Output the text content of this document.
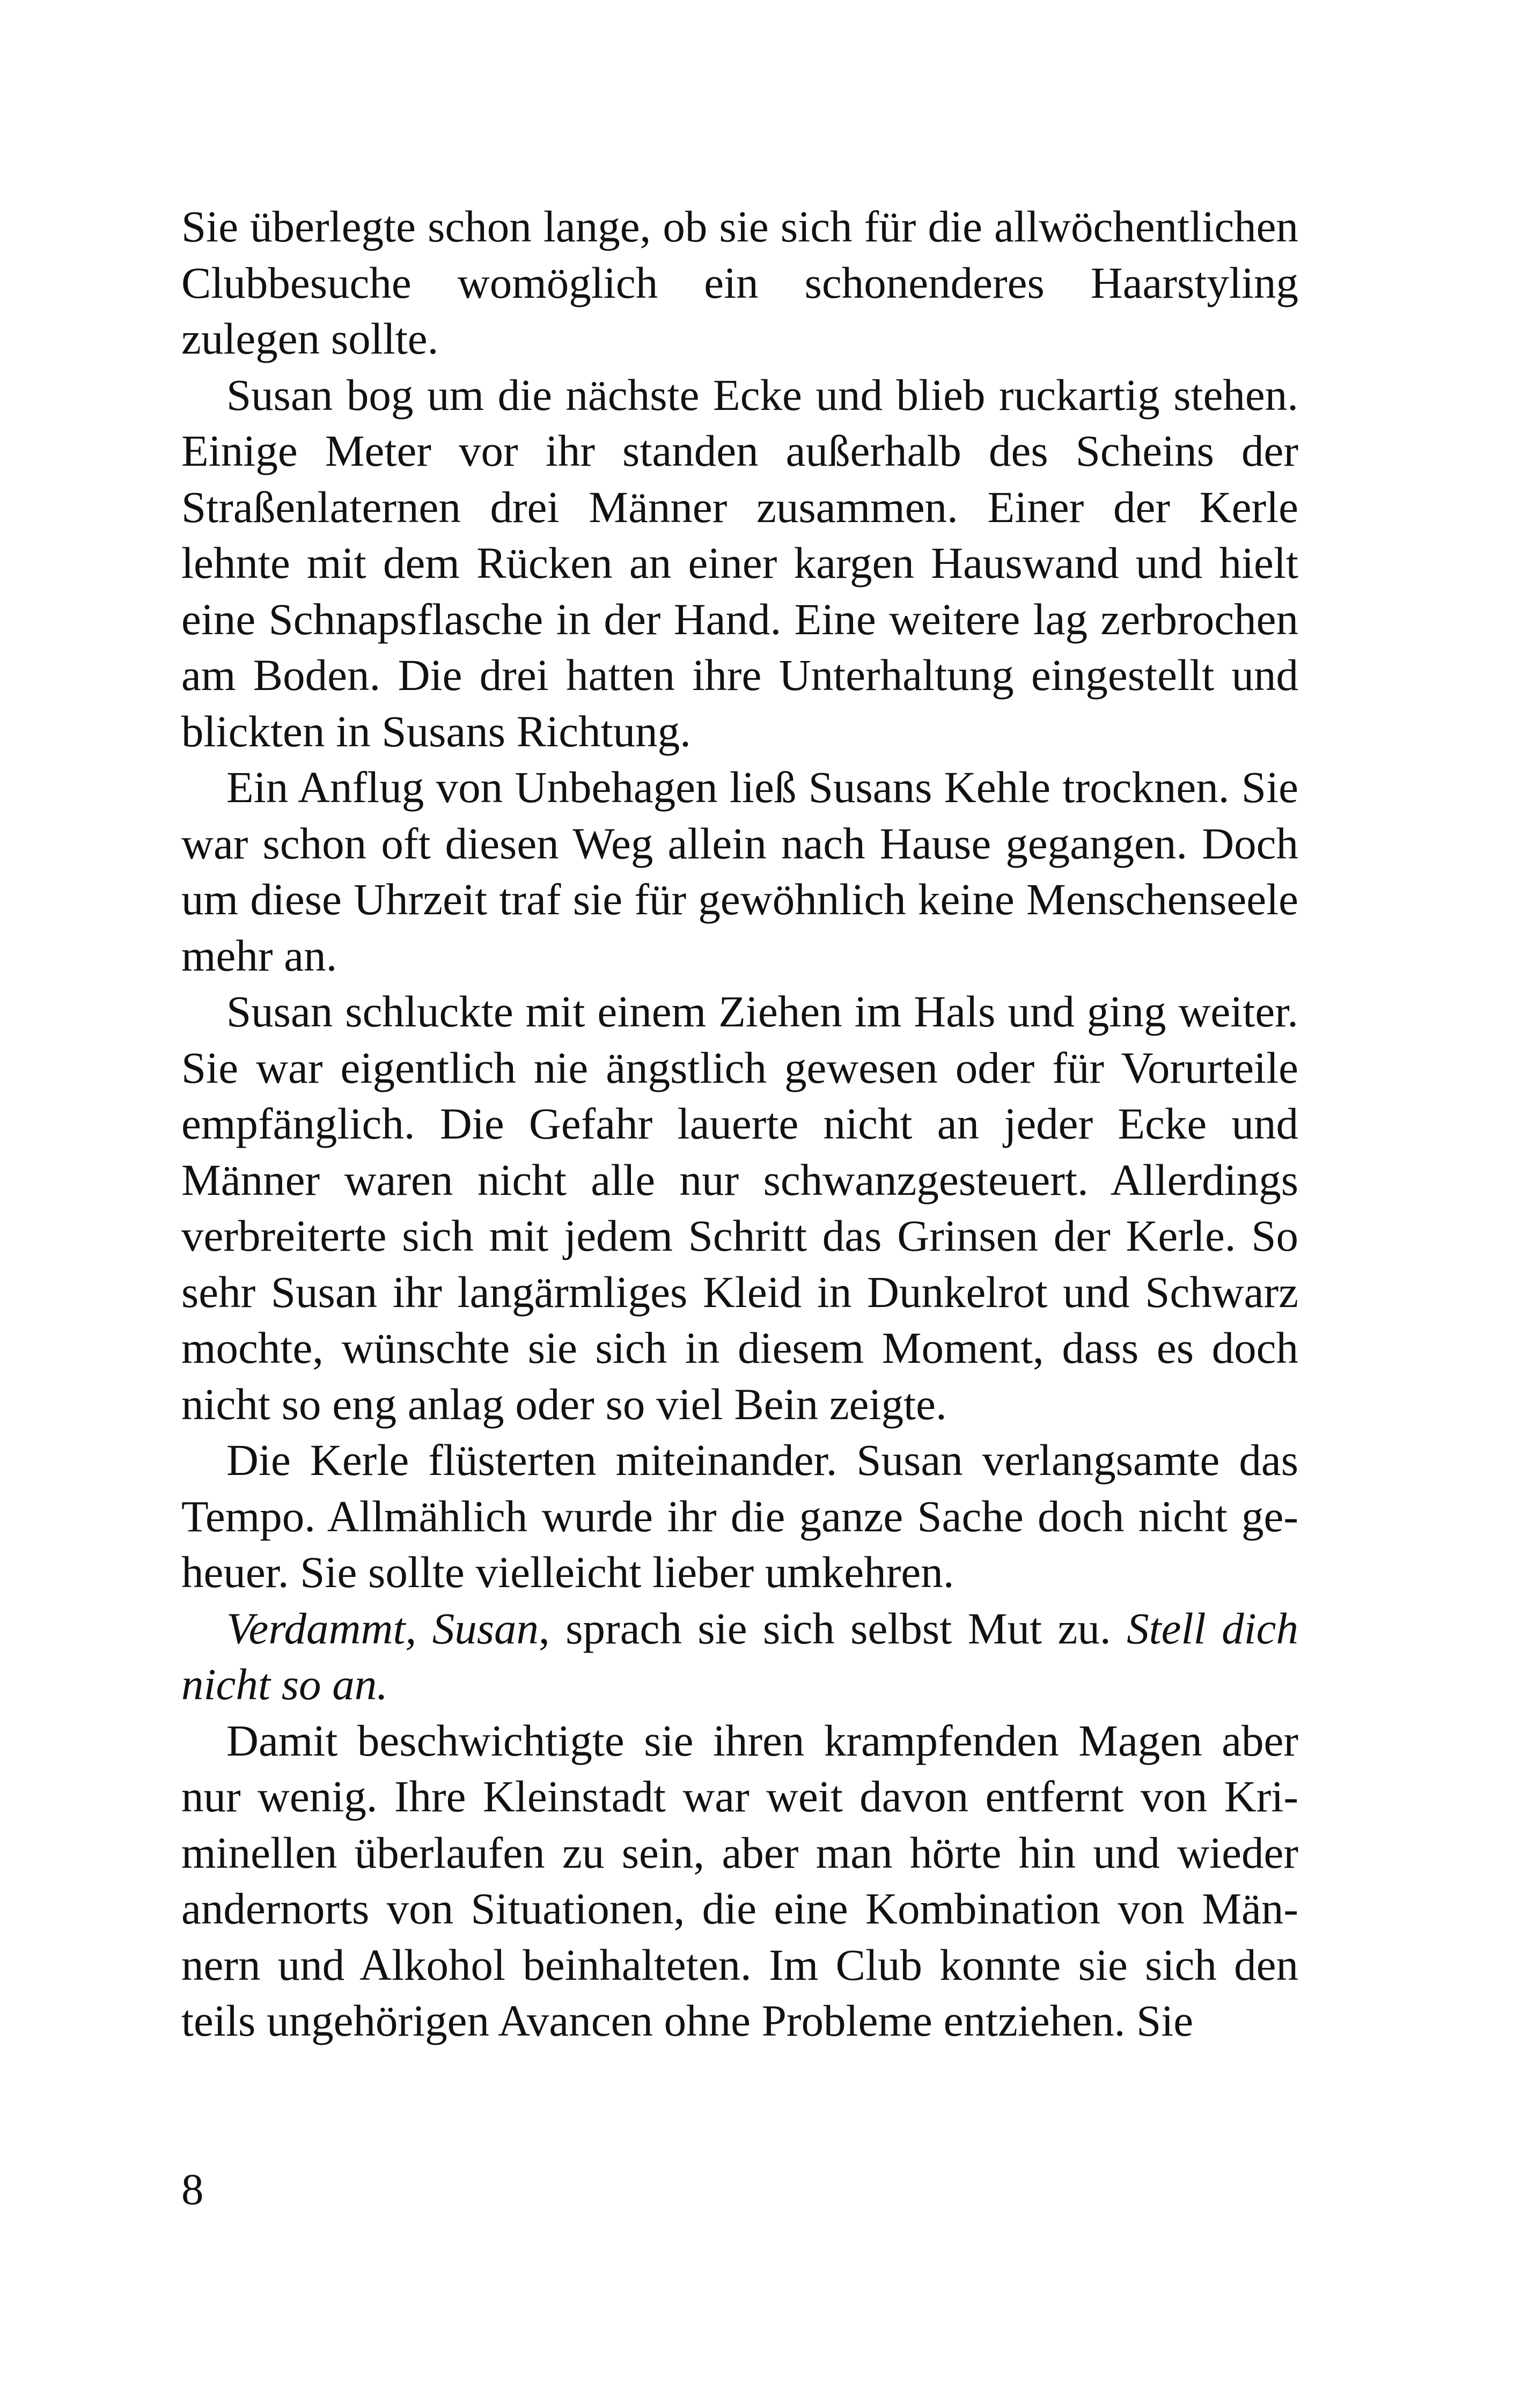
Sie überlegte schon lange, ob sie sich für die allwöchentlichen Clubbesuche womöglich ein schonenderes Haarstyling zulegen sollte.

Susan bog um die nächste Ecke und blieb ruckartig stehen. Einige Meter vor ihr standen außerhalb des Scheins der Straßenlaternen drei Männer zusammen. Einer der Kerle lehnte mit dem Rücken an einer kargen Hauswand und hielt eine Schnapsflasche in der Hand. Eine weitere lag zerbrochen am Boden. Die drei hatten ihre Unterhaltung eingestellt und blickten in Susans Richtung.

Ein Anflug von Unbehagen ließ Susans Kehle trocknen. Sie war schon oft diesen Weg allein nach Hause gegangen. Doch um diese Uhrzeit traf sie für gewöhnlich keine Menschenseele mehr an.

Susan schluckte mit einem Ziehen im Hals und ging weiter. Sie war eigentlich nie ängstlich gewesen oder für Vorurteile empfänglich. Die Gefahr lauerte nicht an jeder Ecke und Männer waren nicht alle nur schwanzgesteuert. Allerdings verbreiterte sich mit jedem Schritt das Grinsen der Kerle. So sehr Susan ihr langärmliges Kleid in Dunkelrot und Schwarz mochte, wünschte sie sich in diesem Moment, dass es doch nicht so eng anlag oder so viel Bein zeigte.

Die Kerle flüsterten miteinander. Susan verlangsamte das Tempo. Allmählich wurde ihr die ganze Sache doch nicht geheuer. Sie sollte vielleicht lieber umkehren.

Verdammt, Susan, sprach sie sich selbst Mut zu. Stell dich nicht so an.

Damit beschwichtigte sie ihren krampfenden Magen aber nur wenig. Ihre Kleinstadt war weit davon entfernt von Kriminellen überlaufen zu sein, aber man hörte hin und wieder andernorts von Situationen, die eine Kombination von Männern und Alkohol beinhalteten. Im Club konnte sie sich den teils ungehörigen Avancen ohne Probleme entziehen. Sie

8
